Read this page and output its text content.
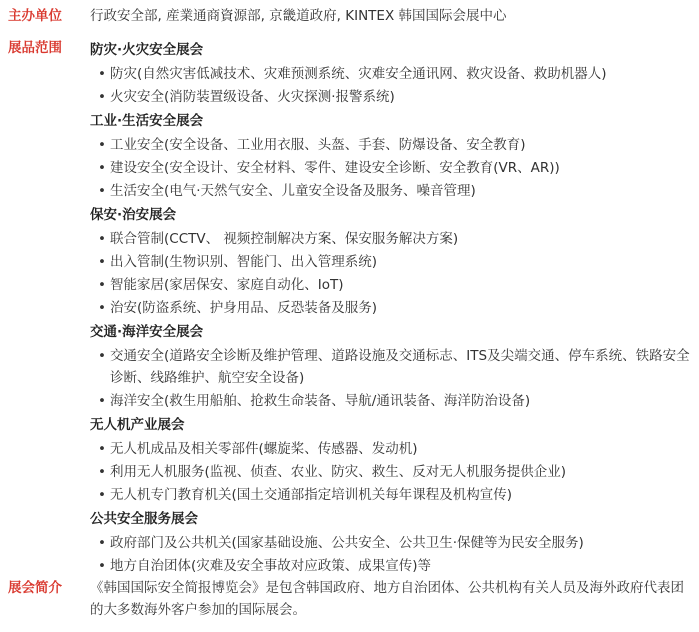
主办单位	行政安全部, 産業通商資源部, 京畿道政府, KINTEX 韩国国际会展中心
展品范围	防灾·火灾安全展会
• 防灾(自然灾害低减技术、灾难预测系统、灾难安全通讯网、救灾设备、救助机器人)
• 火灾安全(消防装置级设备、火灾探测·报警系统)
工业·生活安全展会
• 工业安全(安全设备、工业用衣服、头盔、手套、防爆设备、安全教育)
• 建设安全(安全设计、安全材料、零件、建设安全诊断、安全教育(VR、AR))
• 生活安全(电气·天然气安全、儿童安全设备及服务、噪音管理)
保安·治安展会
• 联合管制(CCTV、 视频控制解决方案、保安服务解决方案)
• 出入管制(生物识别、智能门、出入管理系统)
• 智能家居(家居保安、家庭自动化、IoT)
• 治安(防盗系统、护身用品、反恐装备及服务)
交通·海洋安全展会
• 交通安全(道路安全诊断及维护管理、道路设施及交通标志、ITS及尖端交通、停车系统、铁路安全诊断、线路维护、航空安全设备)
• 海洋安全(救生用船舶、抢救生命装备、导航/通讯装备、海洋防治设备)
无人机产业展会
• 无人机成品及相关零部件(螺旋桨、传感器、发动机)
• 利用无人机服务(监视、侦查、农业、防灾、救生、反对无人机服务提供企业)
• 无人机专门教育机关(国土交通部指定培训机关每年课程及机构宣传)
公共安全服务展会
• 政府部门及公共机关(国家基础设施、公共安全、公共卫生·保健等为民安全服务)
• 地方自治团体(灾难及安全事故对应政策、成果宣传)等
展会简介	《韩国国际安全简报博览会》是包含韩国政府、地方自治团体、公共机构有关人员及海外政府代表团的大多数海外客户参加的国际展会。
